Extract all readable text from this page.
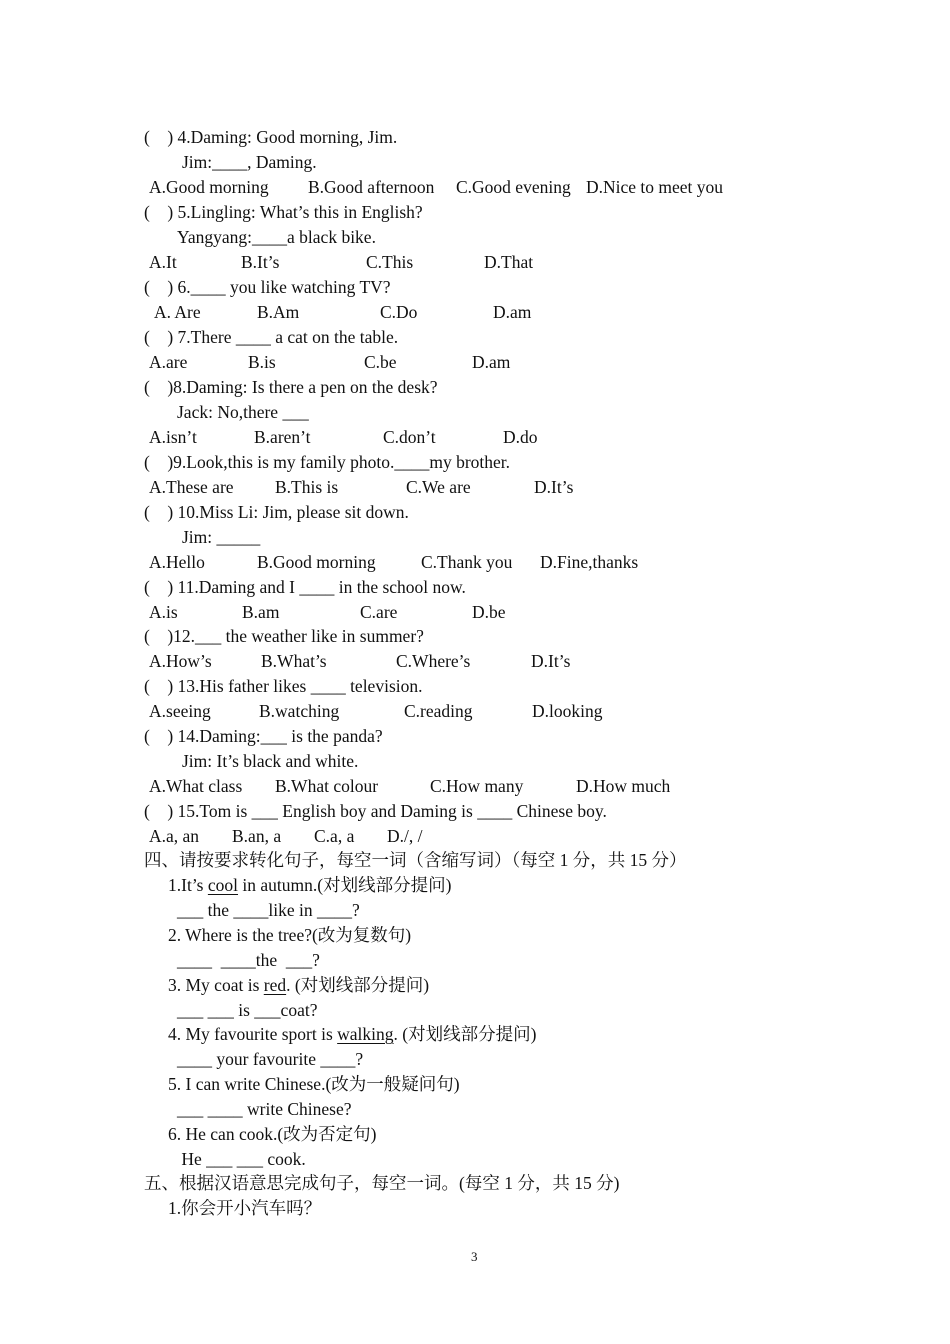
(    ) 4.Daming: Good morning, Jim.
Jim:____, Daming.

A.Good morning

B.Good afternoon

C.Good evening

D.Nice to meet you

(    ) 5.Lingling: What’s this in English?
Yangyang:____a black bike.

A.It

	B.It’s

	C.This

	D.That

(    ) 6.____ you like watching TV?

A. Are

	B.Am

	C.Do

	D.am

(    ) 7.There ____ a cat on the table.

A.are

	B.is

	C.be

	D.am

(    )8.Daming: Is there a pen on the desk?
Jack: No,there ___

A.isn’t

	B.aren’t

	C.don’t

	D.do

(    )9.Look,this is my family photo.____my brother.

A.These are

B.This is

	C.We are

	D.It’s

(    ) 10.Miss Li: Jim, please sit down.
Jim: _____

A.Hello

	B.Good morning

	C.Thank you

D.Fine,thanks

(    ) 11.Daming and I ____ in the school now.

A.is

	B.am

	C.are

	D.be

(    )12.___ the weather like in summer?

A.How’s

	B.What’s

	C.Where’s

	D.It’s

(    ) 13.His father likes ____ television.

A.seeing

	B.watching

	C.reading

	D.looking

(    ) 14.Daming:___ is the panda?
Jim: It’s black and white.

A.What class

B.What colour

	C.How many

	D.How much

(    ) 15.Tom is ___ English boy and Daming is ____ Chinese boy.

A.a, an

B.an, a

C.a, a

D./, /

四、请按要求转化句子，每空一词（含缩写词）（每空 1 分，共 15 分）
1.It’s cool in autumn.(对划线部分提问)
___ the ____like in ____?
2. Where is the tree?(改为复数句)
____  ____the  ___?
3. My coat is red. (对划线部分提问)
___ ___ is ___coat?
4. My favourite sport is walking. (对划线部分提问)
____ your favourite ____?
5. I can write Chinese.(改为一般疑问句)
___ ____ write Chinese?
6. He can cook.(改为否定句)
He ___ ___ cook.
五、根据汉语意思完成句子，每空一词。(每空 1 分，共 15 分)
1.你会开小汽车吗？
3
